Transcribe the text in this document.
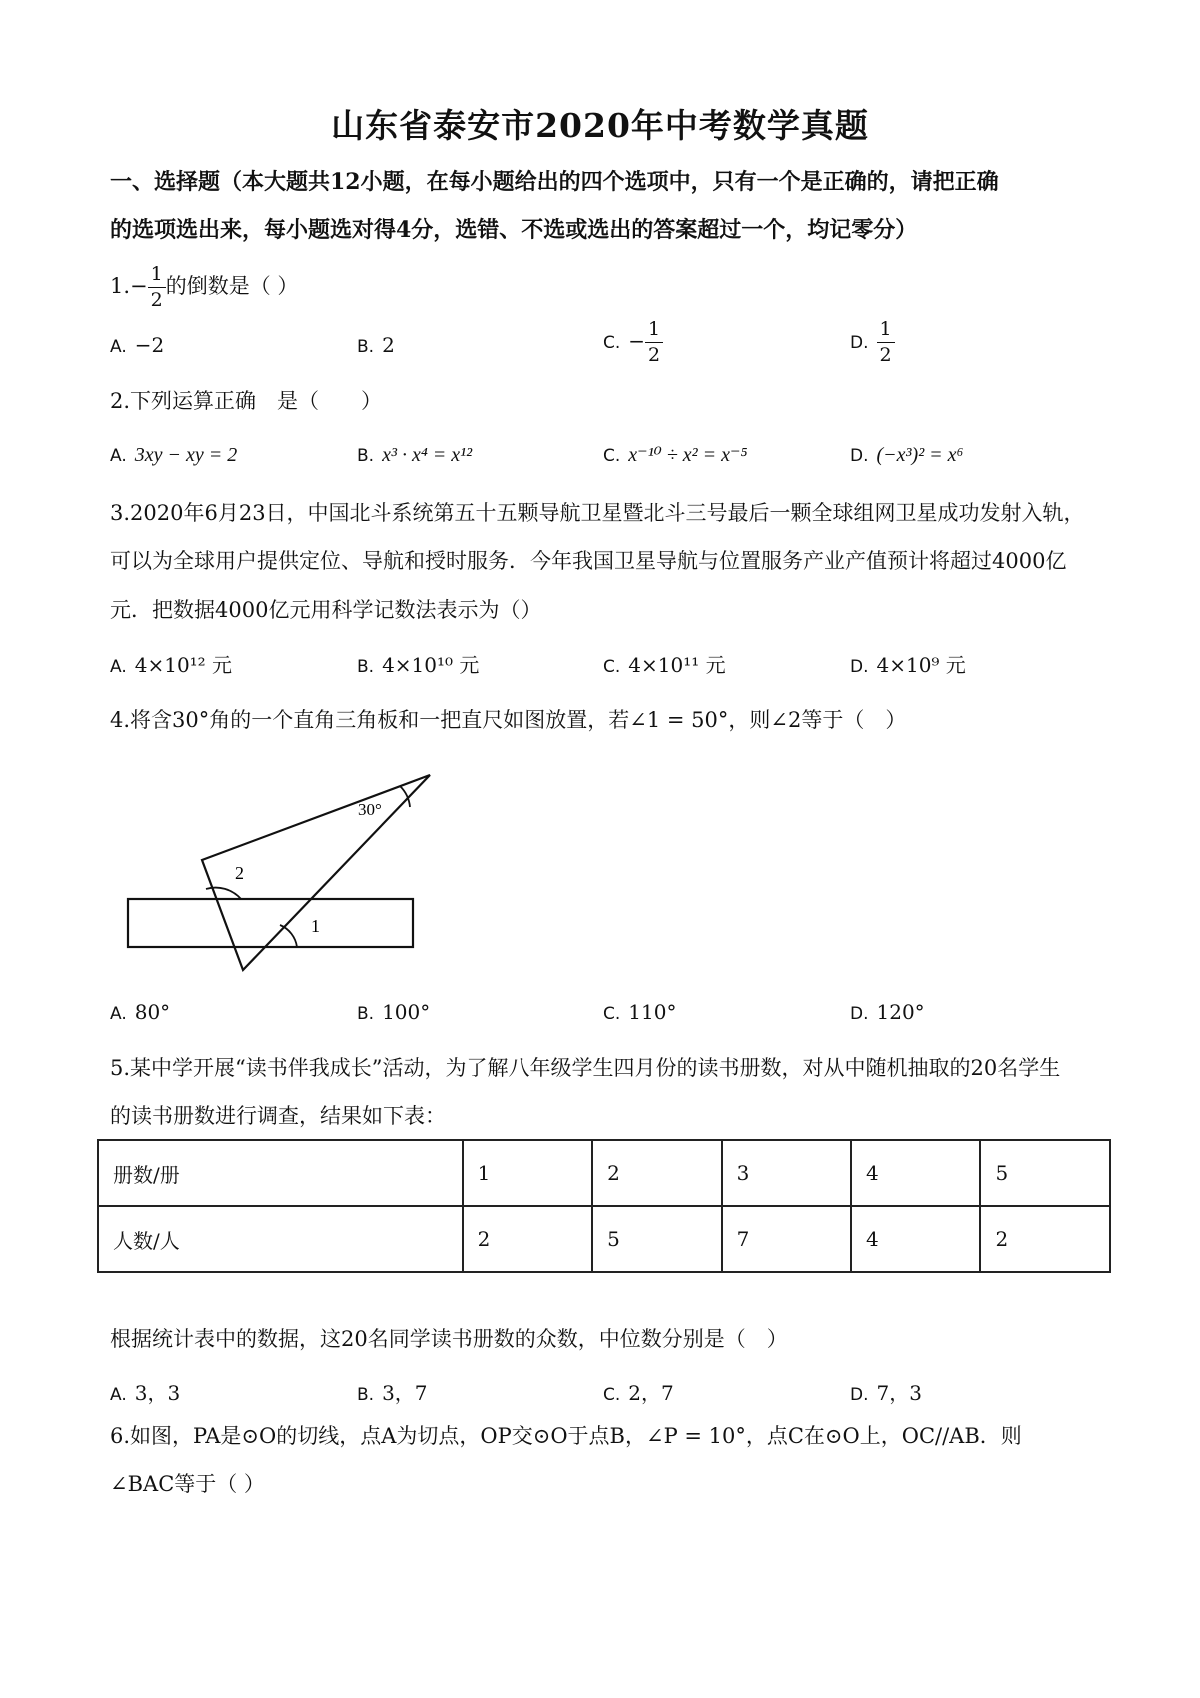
山东省泰安市2020年中考数学真题
一、选择题（本大题共12小题，在每小题给出的四个选项中，只有一个是正确的，请把正确
的选项选出来，每小题选对得4分，选错、不选或选出的答案超过一个，均记零分）
$1.- \frac{1}{2}$ 的倒数是（ ）
A. −2	B. 2	C. − $\frac{1}{2}$	D. $\frac{1}{2}$
2.下列运算正确　是（　　）
A. 3xy − xy = 2	B. x³ · x⁴ = x¹²	C. x⁻¹⁰ ÷ x² = x⁻⁵	D. (−x³)² = x⁶
3.2020年6月23日，中国北斗系统第五十五颗导航卫星暨北斗三号最后一颗全球组网卫星成功发射入轨，
可以为全球用户提供定位、导航和授时服务．今年我国卫星导航与位置服务产业产值预计将超过4000亿
元．把数据4000亿元用科学记数法表示为（）
A. 4×10¹² 元	B. 4×10¹⁰ 元	C. 4×10¹¹ 元	D. 4×10⁹ 元
4.将含30°角的一个直角三角板和一把直尺如图放置，若∠1 = 50°，则∠2等于（　）
30°
2
1
A. 80°	B. 100°	C. 110°	D. 120°
5.某中学开展“读书伴我成长”活动，为了解八年级学生四月份的读书册数，对从中随机抽取的20名学生
的读书册数进行调查，结果如下表：
册数/册	1	2	3	4	5
人数/人	2	5	7	4	2
根据统计表中的数据，这20名同学读书册数的众数，中位数分别是（　）
A. 3，3	B. 3，7	C. 2，7	D. 7，3
6.如图，PA是⊙O的切线，点A为切点，OP交⊙O于点B，∠P = 10°，点C在⊙O上，OC//AB．则
∠BAC等于（ ）
